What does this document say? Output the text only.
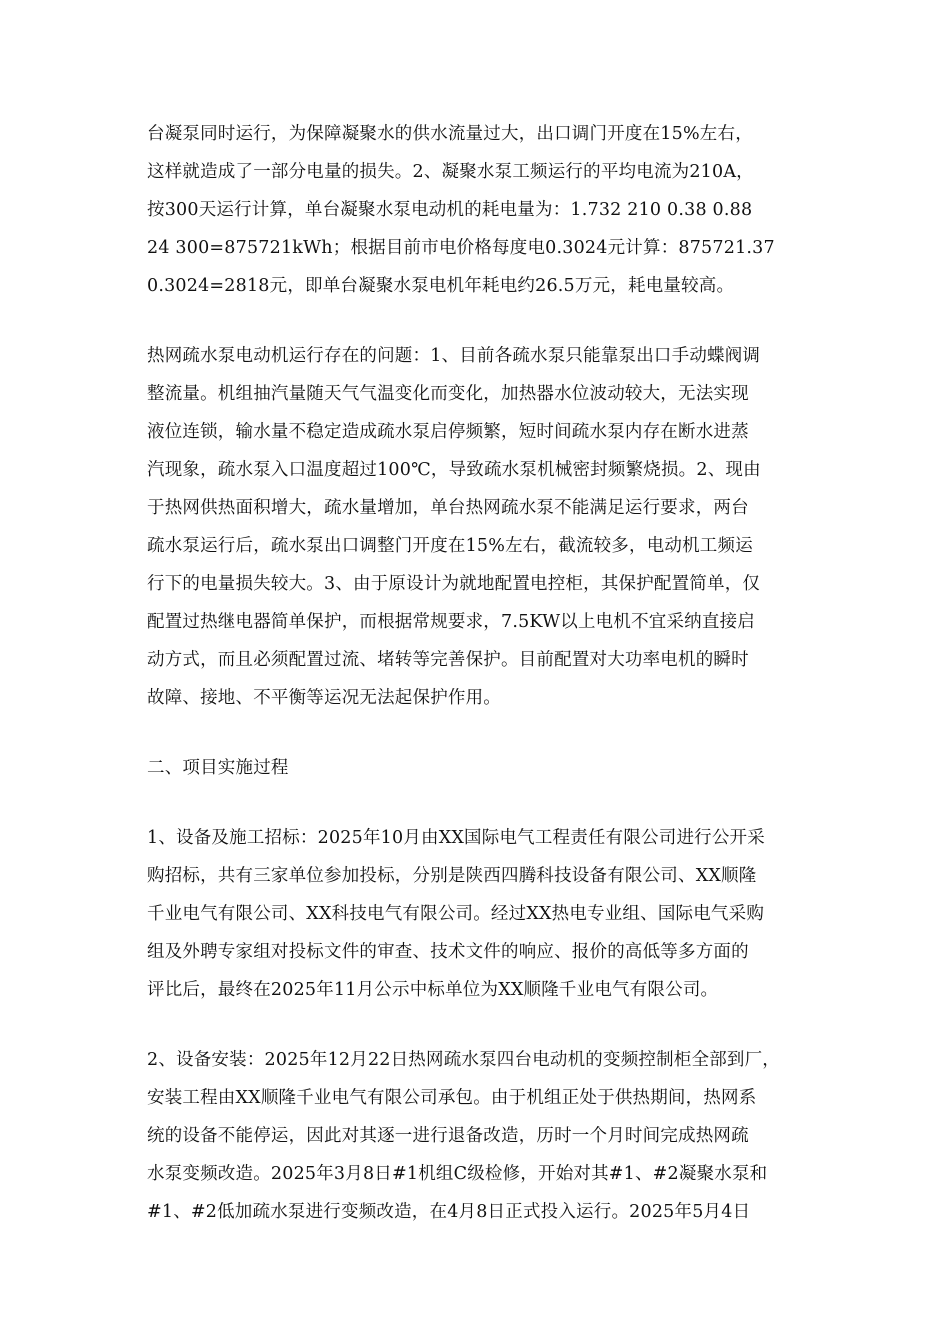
台凝泵同时运行，为保障凝聚水的供水流量过大，出口调门开度在15%左右，
这样就造成了一部分电量的损失。2、凝聚水泵工频运行的平均电流为210A，
按300天运行计算，单台凝聚水泵电动机的耗电量为：1.732 210 0.38 0.88
24 300=875721kWh；根据目前市电价格每度电0.3024元计算：875721.37
0.3024=2818元，即单台凝聚水泵电机年耗电约26.5万元，耗电量较高。
热网疏水泵电动机运行存在的问题：1、目前各疏水泵只能靠泵出口手动蝶阀调
整流量。机组抽汽量随天气气温变化而变化，加热器水位波动较大，无法实现
液位连锁，输水量不稳定造成疏水泵启停频繁，短时间疏水泵内存在断水进蒸
汽现象，疏水泵入口温度超过100℃，导致疏水泵机械密封频繁烧损。2、现由
于热网供热面积增大，疏水量增加，单台热网疏水泵不能满足运行要求，两台
疏水泵运行后，疏水泵出口调整门开度在15%左右，截流较多，电动机工频运
行下的电量损失较大。3、由于原设计为就地配置电控柜，其保护配置简单，仅
配置过热继电器简单保护，而根据常规要求，7.5KW以上电机不宜采纳直接启
动方式，而且必须配置过流、堵转等完善保护。目前配置对大功率电机的瞬时
故障、接地、不平衡等运况无法起保护作用。
二、项目实施过程
1、设备及施工招标：2025年10月由XX国际电气工程责任有限公司进行公开采
购招标，共有三家单位参加投标，分别是陕西四腾科技设备有限公司、XX顺隆
千业电气有限公司、XX科技电气有限公司。经过XX热电专业组、国际电气采购
组及外聘专家组对投标文件的审查、技术文件的响应、报价的高低等多方面的
评比后，最终在2025年11月公示中标单位为XX顺隆千业电气有限公司。
2、设备安装：2025年12月22日热网疏水泵四台电动机的变频控制柜全部到厂，
安装工程由XX顺隆千业电气有限公司承包。由于机组正处于供热期间，热网系
统的设备不能停运，因此对其逐一进行退备改造，历时一个月时间完成热网疏
水泵变频改造。2025年3月8日#1机组C级检修，开始对其#1、#2凝聚水泵和
#1、#2低加疏水泵进行变频改造，在4月8日正式投入运行。2025年5月4日
